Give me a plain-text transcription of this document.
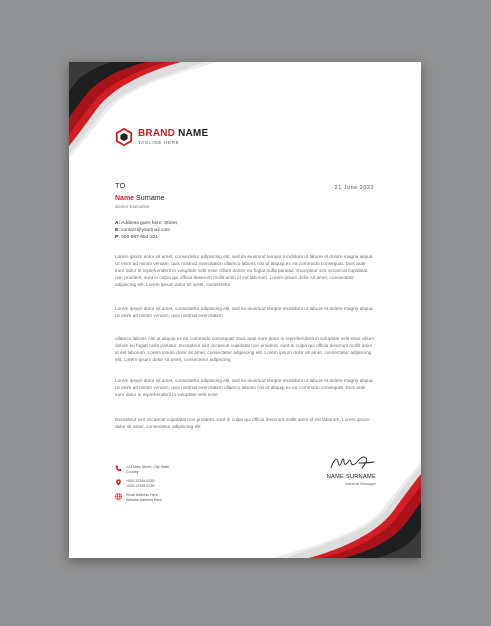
BRAND NAME
TAGLINE HERE
TO	21 June 2023
Name Surname
Senior Executive
A: Address goes here: Street,
E: contact@yourmail.com
P: 000-987-654-321

Lorem ipsum dolor sit amet, consectetur adipiscing elit, sed do eiusmod tempor incididunt ut labore et dolore magna aliqua. Ut enim ad minim veniam, quis nostrud exercitation ullamco laboris nisi ut aliquip ex ea commodo consequat. Duis aute irure dolor in reprehenderit in voluptate velit esse cillum dolore eu fugiat nulla pariatur. Excepteur sint occaecat cupidatat non proident, sunt in culpa qui officia deserunt mollit anim id est laborum. Lorem ipsum dolor sit amet, consectetur adipiscing elit, Lorem ipsum dolor sit amet, consectetur

Lorem ipsum dolor sit amet, consectetur adipiscing elit, sed do eiusmod tempor incididunt ut labore et dolore magna aliqua. Ut enim ad minim veniam, quis nostrud exercitation

ullamco laboris nisi ut aliquip ex ea commodo consequat. Duis aute irure dolor in reprehenderit in voluptate velit esse cillum dolore eu fugiat nulla pariatur. Excepteur sint occaecat cupidatat non proident, sunt in culpa qui officia deserunt mollit anim id est laborum. Lorem ipsum dolor sit amet, consectetur adipiscing elit, Lorem ipsum dolor sit amet, consectetur adipiscing elit, Lorem ipsum dolor sit amet, consectetur adipiscing

Lorem ipsum dolor sit amet, consectetur adipiscing elit, sed do eiusmod tempor incididunt ut labore et dolore magna aliqua. Ut enim ad minim veniam, quis nostrud exercitation ullamco laboris nisi ut aliquip ex ea commodo consequat. Duis aute irure dolor in reprehenderit in voluptate velit esse

Excepteur sint occaecat cupidatat non proident, sunt in culpa qui officia deserunt mollit anim id est laborum. Lorem ipsum dolor sit amet, consectetur adipiscing elit

123 Main Street, City State,
Country
+000-12345-6789
+000-12345-6789
Email Address Here
Website Address Here
NAME SURNAME
General Manager
